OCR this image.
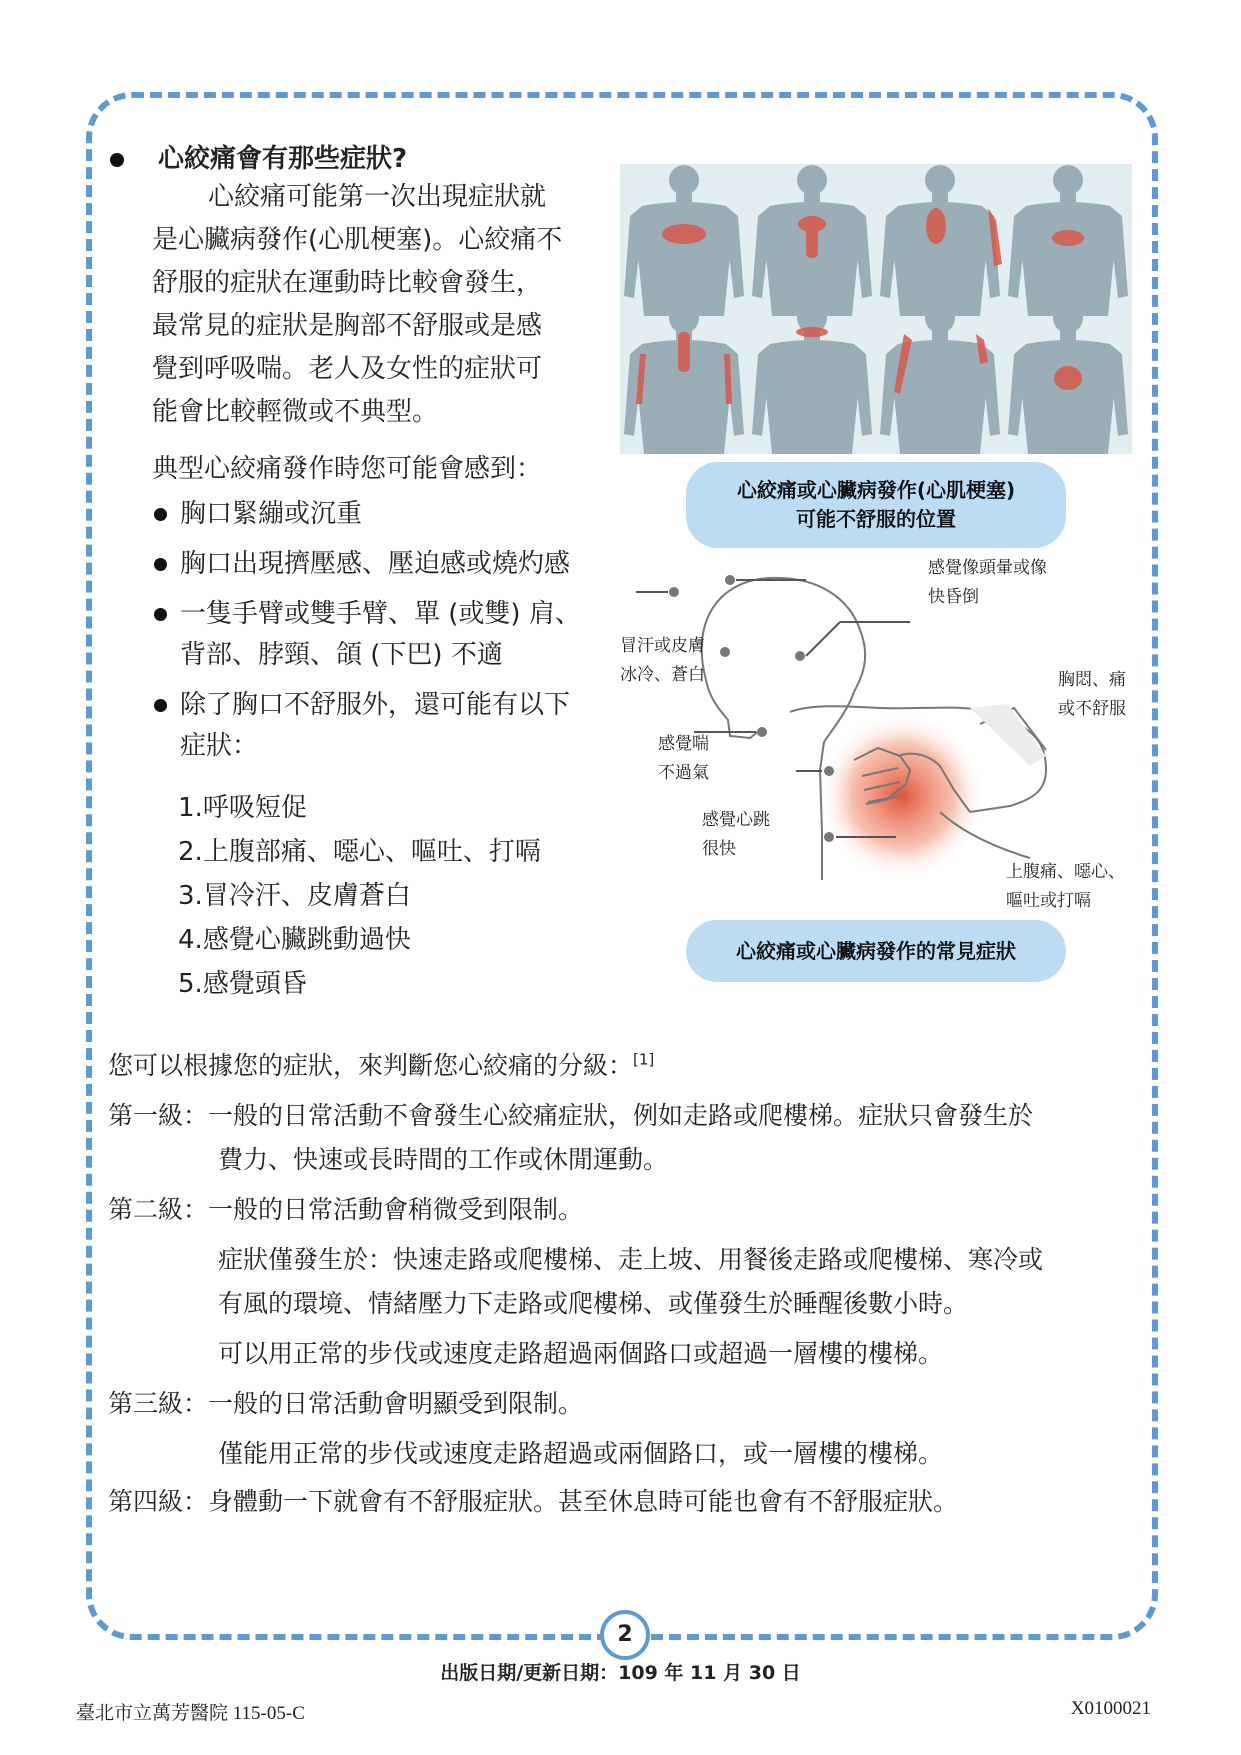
心絞痛會有那些症狀?
心絞痛可能第一次出現症狀就
是心臟病發作(心肌梗塞)。心絞痛不
舒服的症狀在運動時比較會發生，
最常見的症狀是胸部不舒服或是感
覺到呼吸喘。老人及女性的症狀可
能會比較輕微或不典型。
典型心絞痛發作時您可能會感到：
胸口緊繃或沉重
胸口出現擠壓感、壓迫感或燒灼感
一隻手臂或雙手臂、單 (或雙) 肩、
背部、脖頸、頜 (下巴) 不適
除了胸口不舒服外，還可能有以下
症狀：
1.呼吸短促
2.上腹部痛、噁心、嘔吐、打嗝
3.冒冷汗、皮膚蒼白
4.感覺心臟跳動過快
5.感覺頭昏
心絞痛或心臟病發作(心肌梗塞)
可能不舒服的位置
感覺像頭暈或像
快昏倒
冒汗或皮膚
冰冷、蒼白	胸悶、痛
或不舒服
感覺喘
不過氣
感覺心跳
很快
上腹痛、噁心、
嘔吐或打嗝
心絞痛或心臟病發作的常見症狀

您可以根據您的症狀，來判斷您心絞痛的分級：[1]

第一級：一般的日常活動不會發生心絞痛症狀，例如走路或爬樓梯。症狀只會發生於

費力、快速或長時間的工作或休閒運動。

第二級：一般的日常活動會稍微受到限制。

症狀僅發生於：快速走路或爬樓梯、走上坡、用餐後走路或爬樓梯、寒冷或

有風的環境、情緒壓力下走路或爬樓梯、或僅發生於睡醒後數小時。

可以用正常的步伐或速度走路超過兩個路口或超過一層樓的樓梯。

第三級：一般的日常活動會明顯受到限制。

僅能用正常的步伐或速度走路超過或兩個路口，或一層樓的樓梯。

第四級：身體動一下就會有不舒服症狀。甚至休息時可能也會有不舒服症狀。

2
出版日期/更新日期：109 年 11 月 30 日
臺北市立萬芳醫院 115-05-C	X0100021
